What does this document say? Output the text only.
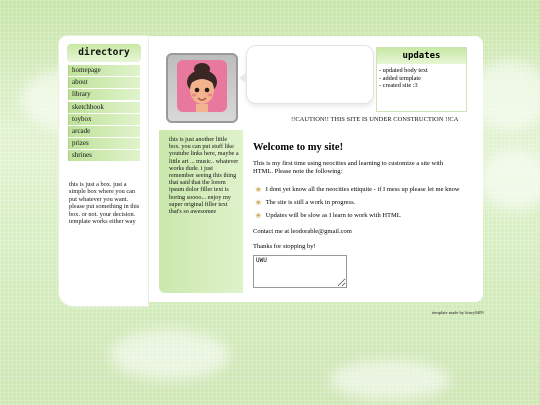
directory
homepage
about
library
sketchbook
toybox
arcade
prizes
shrines
this is just a box. just a simple box where you can put whatever you want. please put something in this box. or not. your decision. template works either way
updates
- updated body text
- added template
- created site :3
!!CAUTION!! THIS SITE IS UNDER CONSTRUCTION !!CA

this is just another little box. you can put stuff like youtube links here, maybe a little art ... music.. whatever works dude. i just remember seeing this thing that said that the lorem ipsum dolor filler text is boring soooo... enjoy my super original filler text that's so awesomee

Welcome to my site!

This is my first time using neocities and learning to customize a site with HTML. Please note the following:

✬ I dont yet know all the neocities ettiquite - if I mess up please let me know
✬ The site is still a work in progress.
✬ Updates will be slow as I learn to work with HTML

Contact me at leodorable@gmail.com

Thanks for stopping by!

UWU
template made by binry0409
